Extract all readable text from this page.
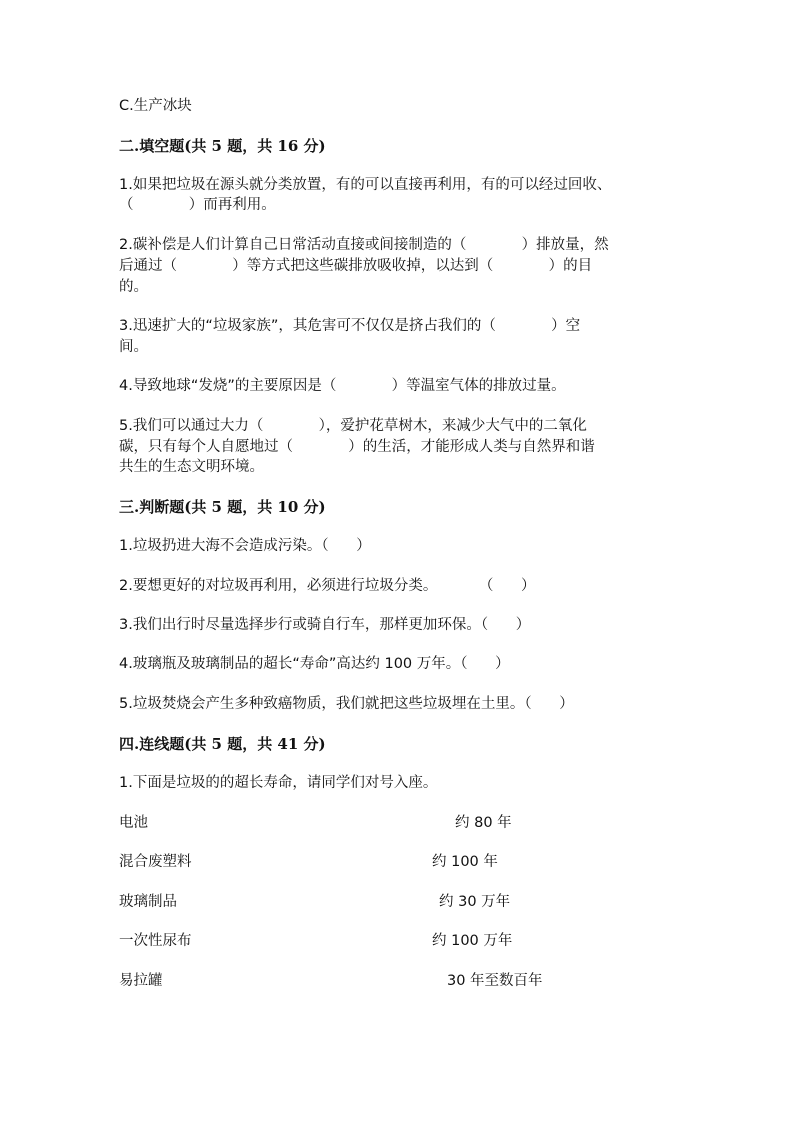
C.生产冰块

二.填空题(共 5 题，共 16 分)

1.如果把垃圾在源头就分类放置，有的可以直接再利用，有的可以经过回收、

（            ）而再利用。

2.碳补偿是人们计算自己日常活动直接或间接制造的（            ）排放量，然

后通过（            ）等方式把这些碳排放吸收掉，以达到（            ）的目

的。

3.迅速扩大的“垃圾家族”，其危害可不仅仅是挤占我们的（            ）空

间。

4.导致地球“发烧”的主要原因是（            ）等温室气体的排放过量。

5.我们可以通过大力（            ），爱护花草树木，来减少大气中的二氧化

碳，只有每个人自愿地过（            ）的生活，才能形成人类与自然界和谐

共生的生态文明环境。

三.判断题(共 5 题，共 10 分)

1.垃圾扔进大海不会造成污染。（      ）

2.要想更好的对垃圾再利用，必须进行垃圾分类。         （      ）

3.我们出行时尽量选择步行或骑自行车，那样更加环保。（      ）

4.玻璃瓶及玻璃制品的超长“寿命”高达约 100 万年。（      ）

5.垃圾焚烧会产生多种致癌物质，我们就把这些垃圾埋在土里。（      ）

四.连线题(共 5 题，共 41 分)

1.下面是垃圾的的超长寿命，请同学们对号入座。

电池	约 80 年
混合废塑料	约 100 年
玻璃制品	约 30 万年
一次性尿布	约 100 万年
易拉罐	30 年至数百年
